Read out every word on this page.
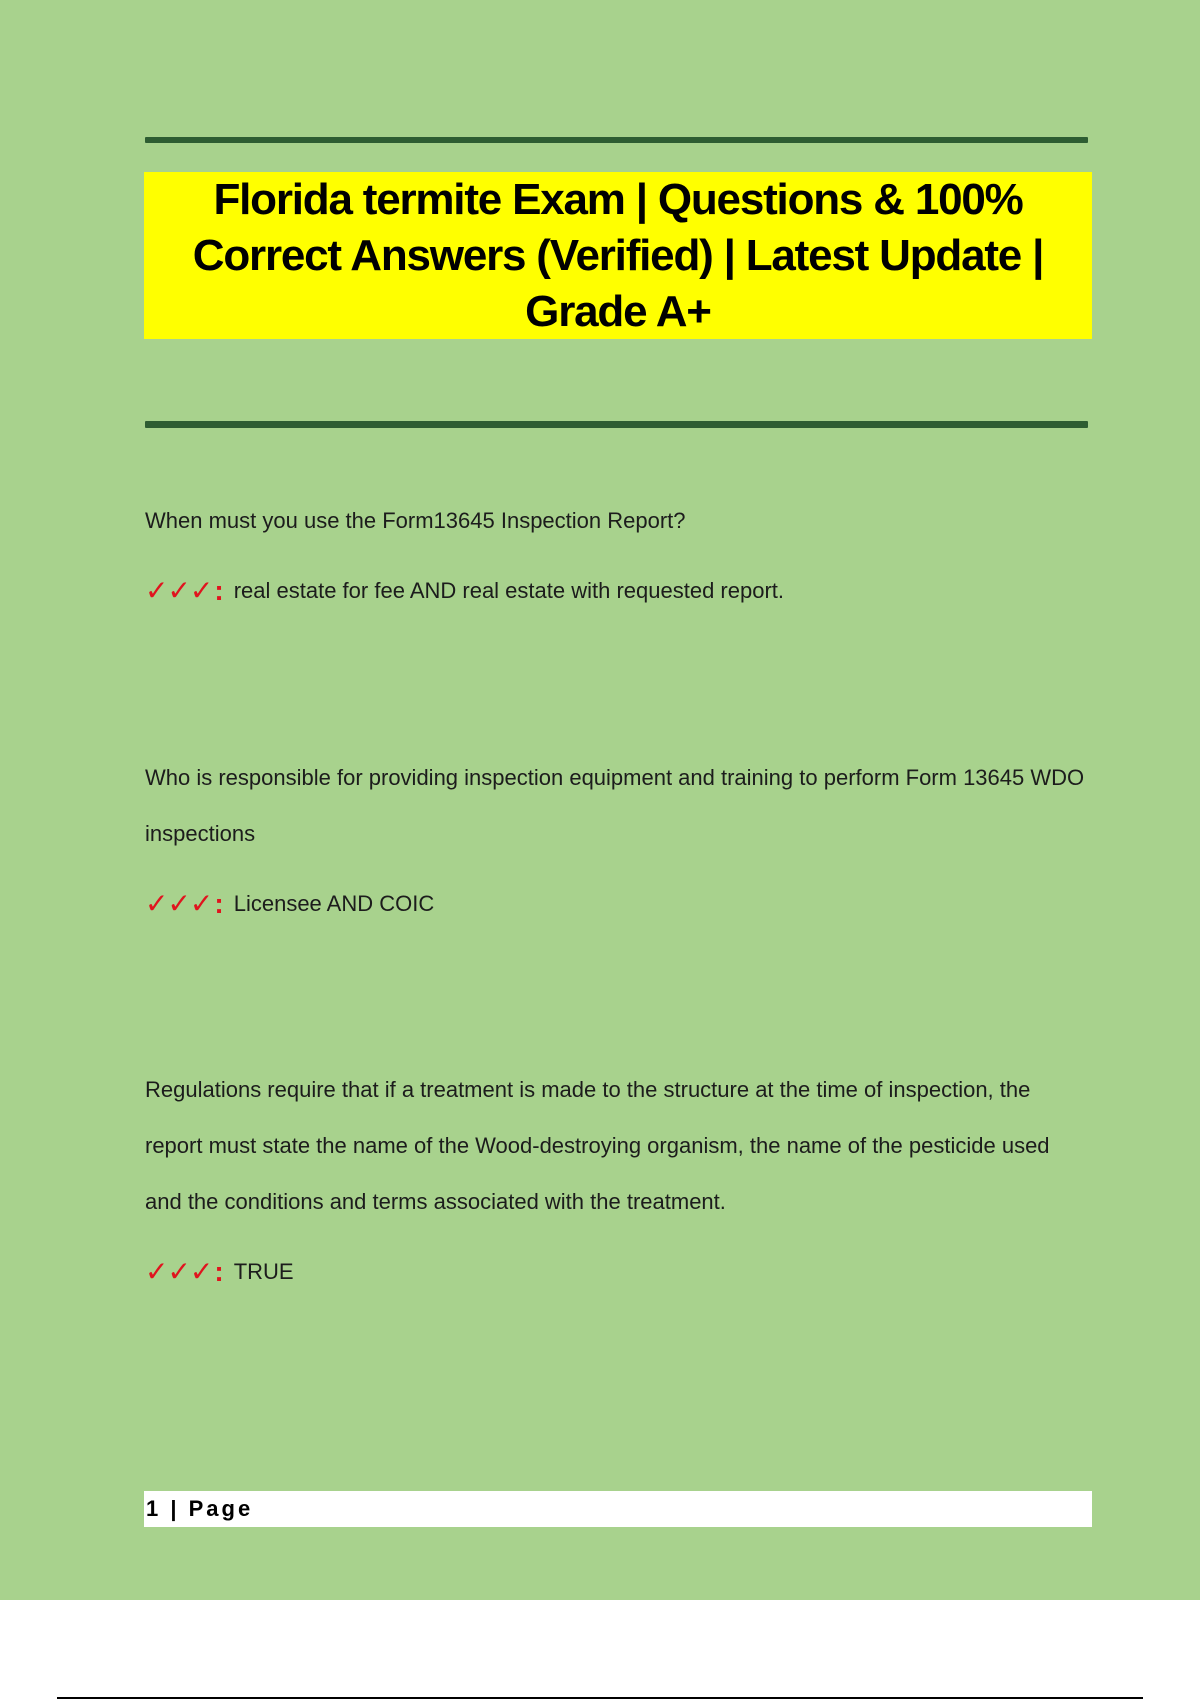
Florida termite Exam | Questions & 100% Correct Answers (Verified) | Latest Update | Grade A+

When must you use the Form13645 Inspection Report?

✓✓✓ : real estate for fee AND real estate with requested report.

Who is responsible for providing inspection equipment and training to perform Form 13645 WDO inspections

✓✓✓ : Licensee AND COIC

Regulations require that if a treatment is made to the structure at the time of inspection, the report must state the name of the Wood-destroying organism, the name of the pesticide used and the conditions and terms associated with the treatment.

✓✓✓ : TRUE
1 | Page
